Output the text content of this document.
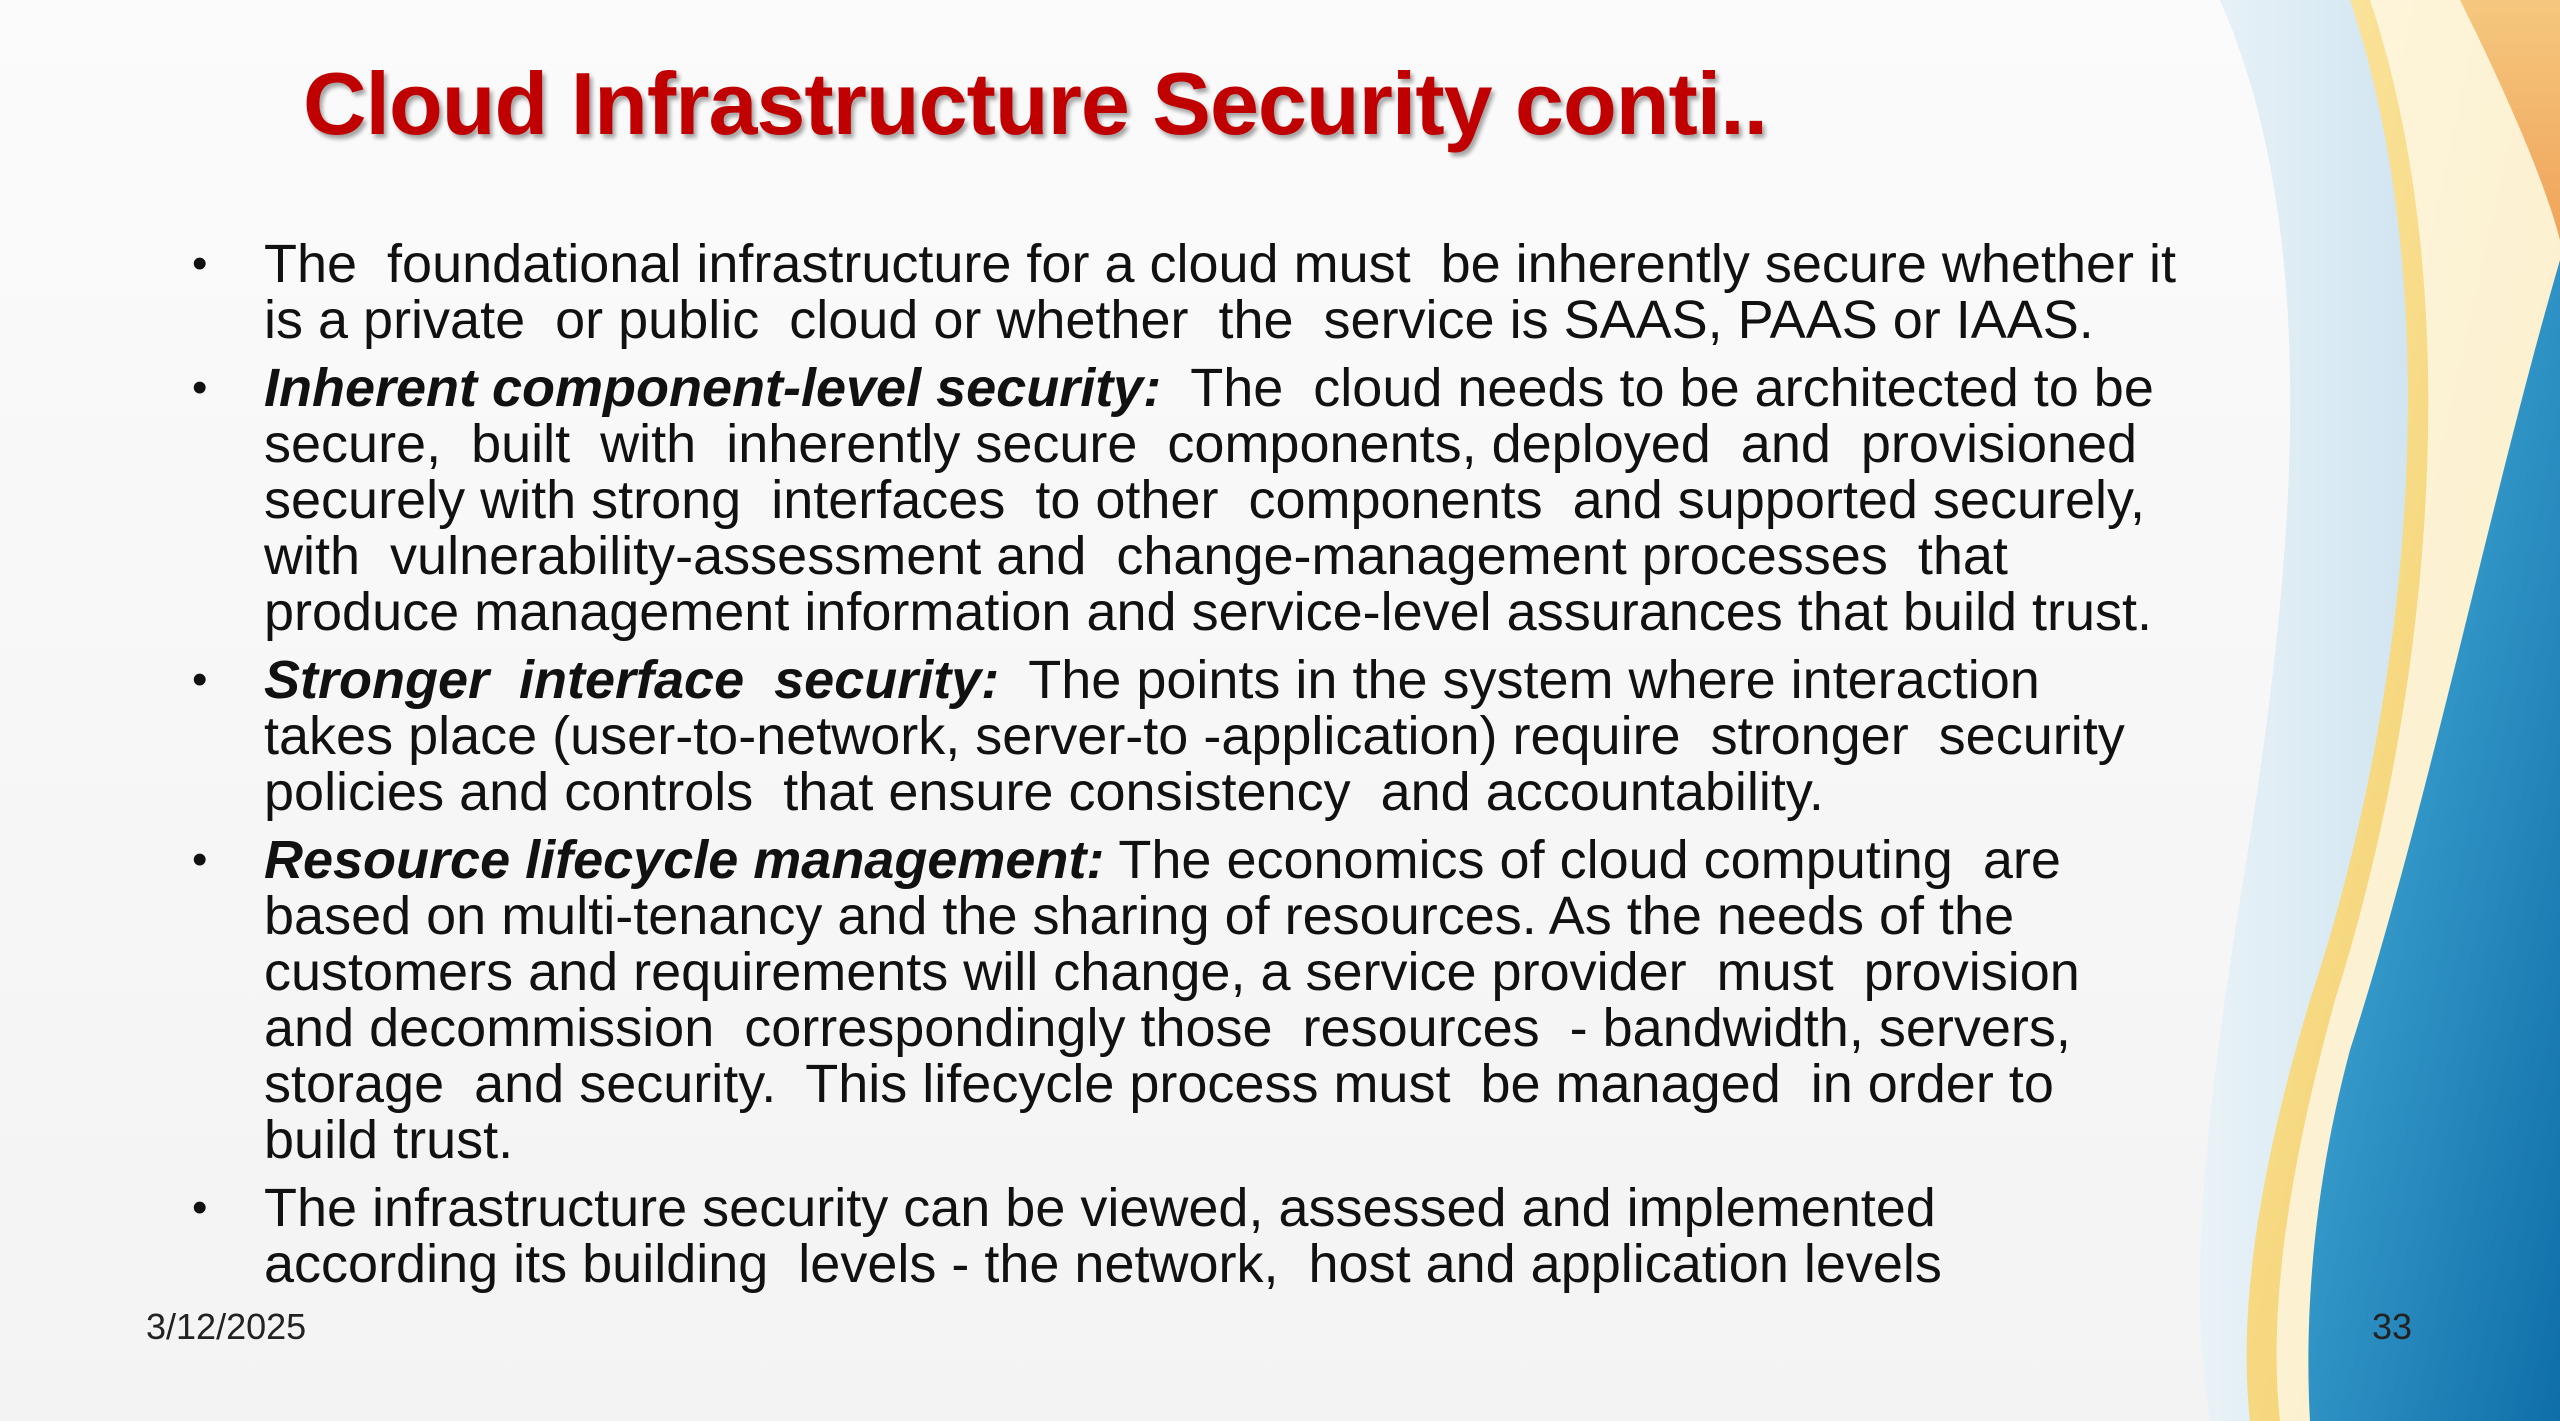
Cloud Infrastructure Security conti..
• The  foundational infrastructure for a cloud must  be inherently secure whether it
is a private  or public  cloud or whether  the  service is SAAS, PAAS or IAAS.
• Inherent component-level security:  The  cloud needs to be architected to be
secure,  built  with  inherently secure  components, deployed  and  provisioned
securely with strong  interfaces  to other  components  and supported securely,
with  vulnerability-assessment and  change-management processes  that
produce management information and service-level assurances that build trust.
• Stronger  interface  security:  The points in the system where interaction
takes place (user-to-network, server-to -application) require  stronger  security
policies and controls  that ensure consistency  and accountability.
• Resource lifecycle management: The economics of cloud computing  are
based on multi-tenancy and the sharing of resources. As the needs of the
customers and requirements will change, a service provider  must  provision
and decommission  correspondingly those  resources  - bandwidth, servers,
storage  and security.  This lifecycle process must  be managed  in order to
build trust.
• The infrastructure security can be viewed, assessed and implemented
according its building  levels - the network,  host and application levels
3/12/2025	33
